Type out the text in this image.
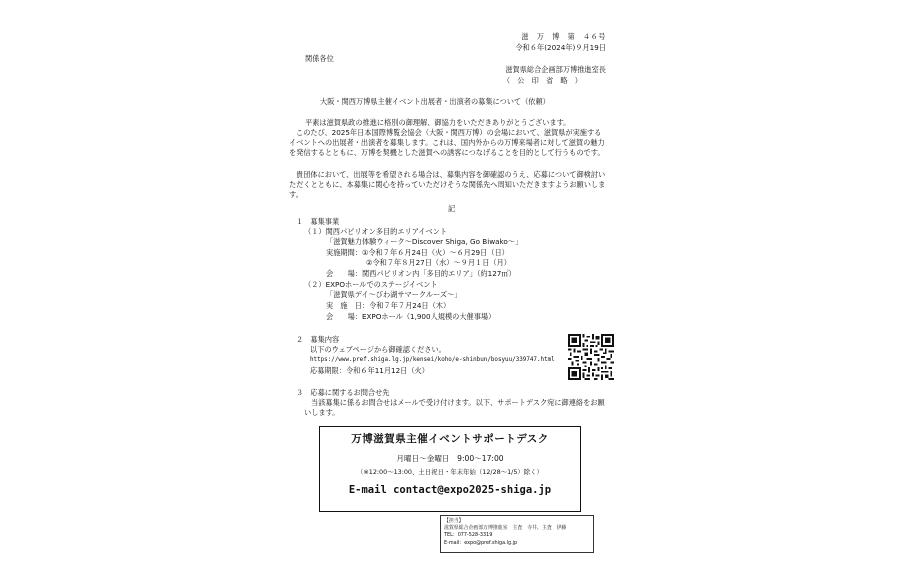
滋　万　博　第　４６号
令和６年(2024年)９月19日
関係各位
滋賀県総合企画部万博推進室長
（　公　印　省　略　）
大阪・関西万博県主催イベント出展者・出演者の募集について（依頼）
平素は滋賀県政の推進に格別の御理解、御協力をいただきありがとうございます。
このたび、2025年日本国際博覧会協会（大阪・関西万博）の会場において、滋賀県が実施するイベントへの出展者・出演者を募集します。これは、国内外からの万博来場者に対して滋賀の魅力を発信するとともに、万博を契機とした滋賀への誘客につなげることを目的として行うものです。
貴団体において、出展等を希望される場合は、募集内容を御確認のうえ、応募について御検討いただくとともに、本募集に関心を持っていただけそうな関係先へ周知いただきますようお願いします。
記
１　募集事業
（１）関西パビリオン多目的エリアイベント
「滋賀魅力体験ウィーク～Discover Shiga, Go Biwako～」
実施期間：①令和７年６月24日（火）～６月29日（日）
②令和７年８月27日（水）～９月１日（月）
会　　場：関西パビリオン内「多目的エリア」（約127㎡）
（２）EXPOホールでのステージイベント
「滋賀県デイ～びわ湖サマークルーズ～」
実　施　日：令和７年７月24日（木）
会　　場：EXPOホール（1,900人規模の大催事場）
２　募集内容
以下のウェブページから御確認ください。
https://www.pref.shiga.lg.jp/kensei/koho/e-shinbun/bosyuu/339747.html
応募期限：令和６年11月12日（火）
３　応募に関するお問合せ先
当該募集に係るお問合せはメールで受け付けます。以下、サポートデスク宛に御連絡をお願いします。
万博滋賀県主催イベントサポートデスク
月曜日～金曜日　9:00～17:00
（※12:00～13:00、土日祝日・年末年始（12/28～1/5）除く）
E-mail contact@expo2025-shiga.jp
【担当】
滋賀県総合企画部万博推進室　主査　寺井、主査　伊藤
TEL：077-528-3319
E-mail：expo@pref.shiga.lg.jp
